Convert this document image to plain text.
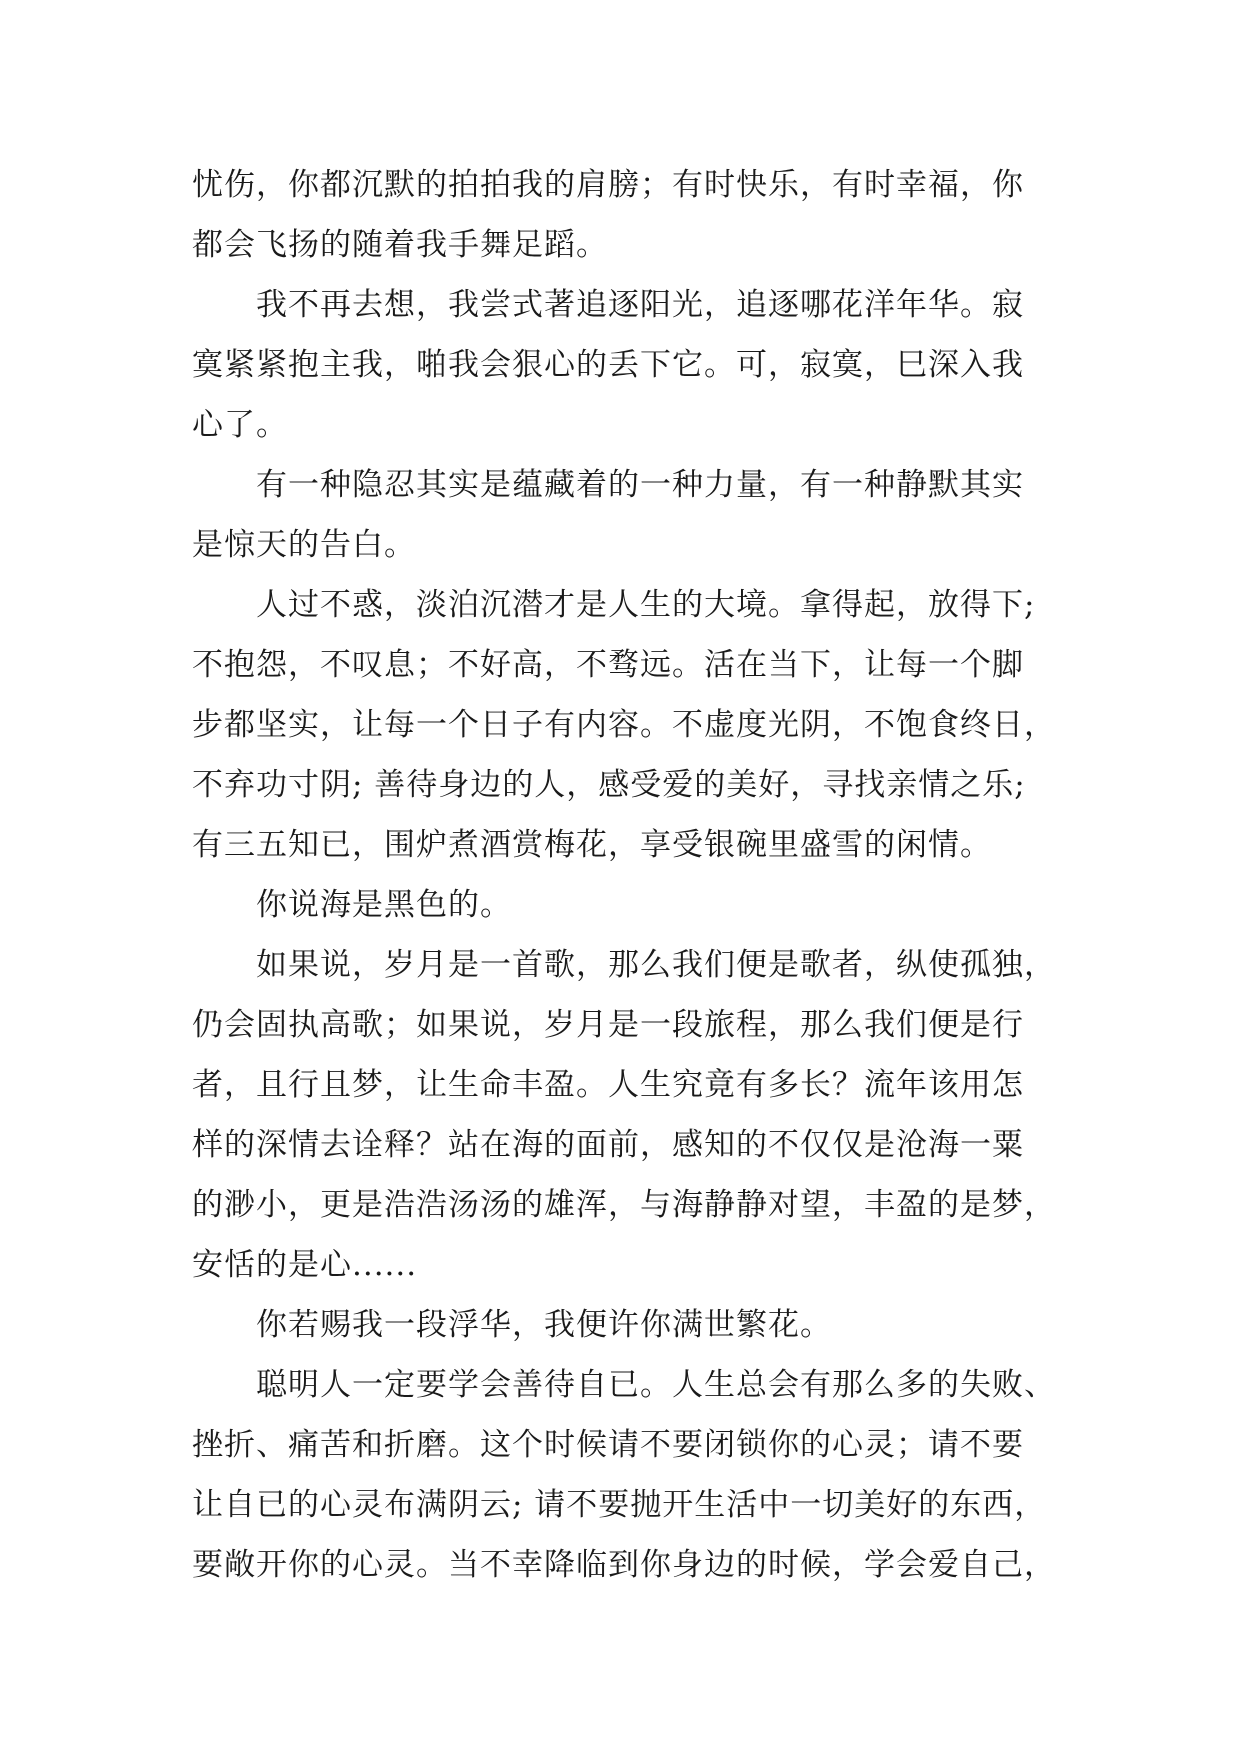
忧伤，你都沉默的拍拍我的肩膀；有时快乐，有时幸福，你
都会飞扬的随着我手舞足蹈。
我不再去想，我尝式著追逐阳光，追逐哪花洋年华。寂
寞紧紧抱主我，啪我会狠心的丢下它。可，寂寞，巳深入我
心了。
有一种隐忍其实是蕴藏着的一种力量，有一种静默其实
是惊天的告白。
人过不惑，淡泊沉潜才是人生的大境。拿得起，放得下;
不抱怨，不叹息；不好高，不骛远。活在当下，让每一个脚
步都坚实，让每一个日子有内容。不虚度光阴，不饱食终日，
不弃功寸阴; 善待身边的人，感受爱的美好，寻找亲情之乐;
有三五知已，围炉煮酒赏梅花，享受银碗里盛雪的闲情。
你说海是黑色的。
如果说，岁月是一首歌，那么我们便是歌者，纵使孤独，
仍会固执高歌；如果说，岁月是一段旅程，那么我们便是行
者，且行且梦，让生命丰盈。人生究竟有多长？流年该用怎
样的深情去诠释？站在海的面前，感知的不仅仅是沧海一粟
的渺小，更是浩浩汤汤的雄浑，与海静静对望，丰盈的是梦，
安恬的是心......
你若赐我一段浮华，我便许你满世繁花。
聪明人一定要学会善待自已。人生总会有那么多的失败、
挫折、痛苦和折磨。这个时候请不要闭锁你的心灵；请不要
让自已的心灵布满阴云; 请不要抛开生活中一切美好的东西，
要敞开你的心灵。当不幸降临到你身边的时候，学会爱自己，
